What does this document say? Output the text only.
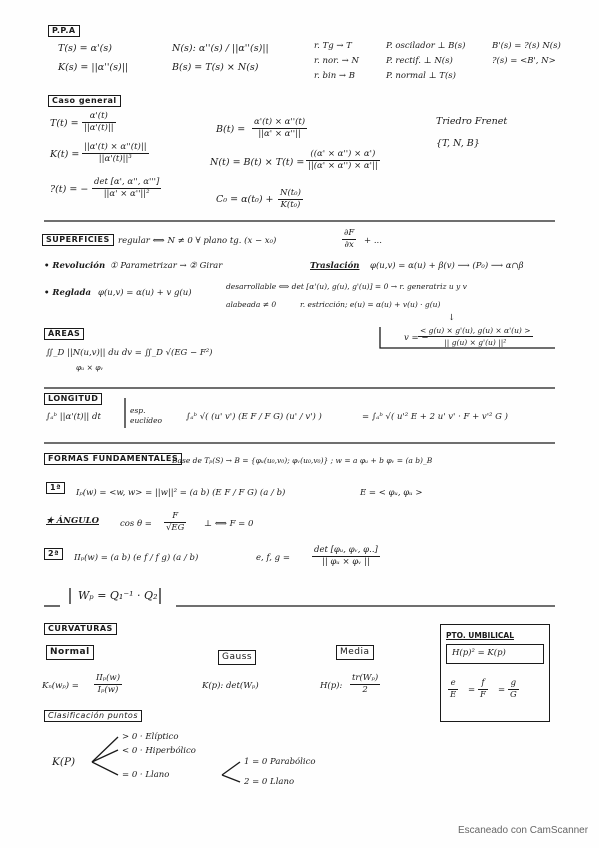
P.P.A
T(s) = α'(s)
K(s) = ||α''(s)||
N(s): α''(s) / ||α''(s)||
B(s) = T(s) × N(s)
r. Tg → T
r. nor. → N
r. bin → B
P. oscilador ⊥ B(s)
P. rectif. ⊥ N(s)
P. normal ⊥ T(s)
B'(s) = ?(s) N(s)
?(s) = <B', N>
Caso general
$T(t) = \frac{\alpha'(t)}{||\alpha'(t)||}$	$B(t) = \frac{\alpha'(t) \times \alpha''(t)}{||\alpha' \times \alpha''||}$	Triedro Frenet
{T, N, B}
$K(t) = \frac{||\alpha'(t) \times \alpha''(t)||}{\text{||α'(t)||³}}$	$N(t) = B(t) \times T(t) = \frac{((\alpha' \times \alpha'') \times \alpha')}{||(\alpha' \times \alpha'') \times \alpha'||}$
?(t) = −
det [α', α'', α''']
||α' × α''||²	$C_0 = \alpha(t_0) + \frac{\text{N(t₀)}}{\text{K(t₀)}}$
SUPERFICIES regular ⟺ N ≠ 0 ∀ plano tg. (x − x₀)	$\frac{\partial F}{\partial x}$ + ...
• Revolución ① Parametrizar → ② Girar	Traslación φ(u,v) = α(u) + β(v) ⟶ (P₀) ⟶ α∩β
• Reglada φ(u,v) = α(u) + v g(u)
desarrollable ⟺ det [α'(u), g(u), g'(u)] = 0 → r. generatriz u y v
alabeada ≠ 0	r. estricción; e(u) = α(u) + v(u) · g(u)
↓
v = −
$\frac{< g(u) \times g'(u), g(u) \times \alpha'(u) >}{\text{|| g(u) × g'(u) ||²}}$
ÁREAS
∬_D ||N(u,v)|| du dv = ∬_D √(EG − F²)
φᵤ × φᵥ
LONGITUD
∫ₐᵇ ||α'(t)|| dt
esp.
euclídeo	∫ₐᵇ √( (u' v') (E F / F G) (u' / v') )	= ∫ₐᵇ √( u'² E + 2 u' v' · F + v'² G )
FORMAS FUNDAMENTALES
Base de Tₚ(S) → B = {φᵤ(u₀,v₀); φᵥ(u₀,v₀)} ; w = a φᵤ + b φᵥ = (a b)_B
1ª
Iₚ(w) = <w, w> = ||w||² = (a b) (E F / F G) (a / b)	E = < φᵤ, φᵤ >
★ ÁNGULO $\cos \theta = \frac{F}{√EG}$ ⊥ ⟺ F = 0
2ª	IIₚ(w) = (a b) (e f / f g) (a / b)	e, f, g =
det [φᵤ, φᵥ, φ..]
|| φᵤ × φᵥ ||
Wₚ = Q₁⁻¹ · Q₂
CURVATURAS
Normal
Kₙ(wₚ) =
IIₚ(w)
Iₚ(w)
Gauss
K(p): det(Wₚ)
Media
H(p): $\frac{\text{tr(Wₚ)}}{2}$
PTO. UMBILICAL
H(p)² = K(p)
$\frac{e}{E} = \frac{f}{F} = \frac{g}{G}$
Clasificación puntos
K(P)
> 0 · Elíptico
< 0 · Hiperbólico
= 0 · Llano
1 = 0 Parabólico
2 = 0 Llano
Escaneado con CamScanner
